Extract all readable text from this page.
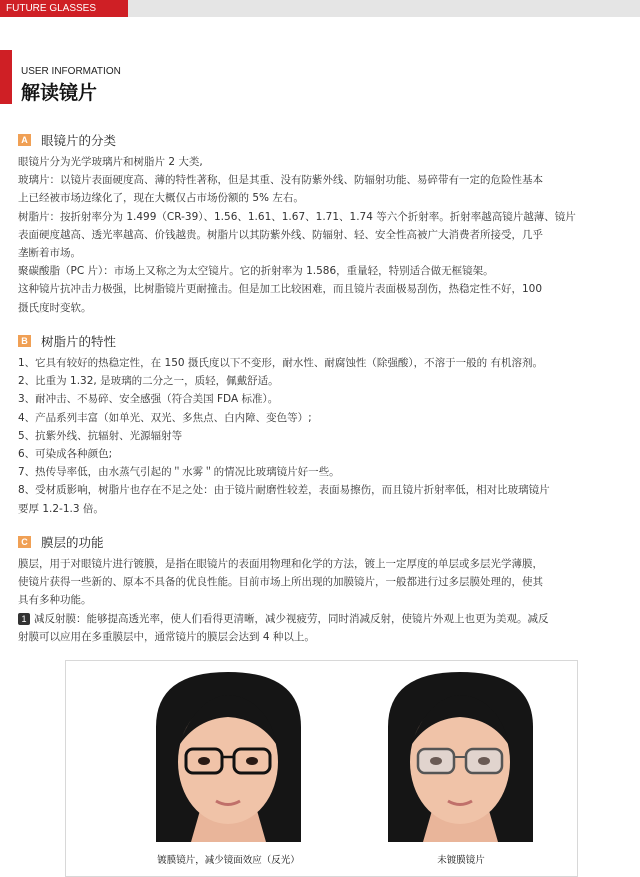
FUTURE GLASSES
USER INFORMATION
解读镜片
A 眼镜片的分类

眼镜片分为光学玻璃片和树脂片 2 大类,

玻璃片：以镜片表面硬度高、薄的特性著称，但是其重、没有防紫外线、防辐射功能、易碎带有一定的危险性基本

上已经被市场边缘化了，现在大概仅占市场份额的 5% 左右。

树脂片：按折射率分为 1.499（CR-39）、1.56、1.61、1.67、1.71、1.74 等六个折射率。折射率越高镜片越薄、镜片

表面硬度越高、透光率越高、价钱越贵。树脂片以其防紫外线、防辐射、轻、安全性高被广大消费者所接受，几乎

垄断着市场。

聚碳酸脂（PC 片）：市场上又称之为太空镜片。它的折射率为 1.586，重量轻，特别适合做无框镜架。

这种镜片抗冲击力极强，比树脂镜片更耐撞击。但是加工比较困难，而且镜片表面极易刮伤，热稳定性不好，100

摄氏度时变软。

B 树脂片的特性

1、它具有较好的热稳定性，在 150 摄氏度以下不变形，耐水性、耐腐蚀性（除强酸），不溶于一般的 有机溶剂。

2、比重为 1.32, 是玻璃的二分之一，质轻，佩戴舒适。

3、耐冲击、不易碎、安全感强（符合美国 FDA 标准）。

4、产品系列丰富（如单光、双光、多焦点、白内障、变色等）;

5、抗紫外线、抗辐射、光源辐射等

6、可染成各种颜色;

7、热传导率低，由水蒸气引起的＂水雾＂的情况比玻璃镜片好一些。

8、受材质影响，树脂片也存在不足之处：由于镜片耐磨性较差，表面易擦伤，而且镜片折射率低，相对比玻璃镜片

要厚 1.2-1.3 倍。

C 膜层的功能

膜层，用于对眼镜片进行镀膜，是指在眼镜片的表面用物理和化学的方法，镀上一定厚度的单层或多层光学薄膜，

使镜片获得一些新的、原本不具备的优良性能。目前市场上所出现的加膜镜片，一般都进行过多层膜处理的，使其

具有多种功能。

1 减反射膜：能够提高透光率，使人们看得更清晰，减少视疲劳，同时消减反射，使镜片外观上也更为美观。减反

射膜可以应用在多重膜层中，通常镜片的膜层会达到 4 种以上。

镀膜镜片，减少镜面效应（反光）	未镀膜镜片
